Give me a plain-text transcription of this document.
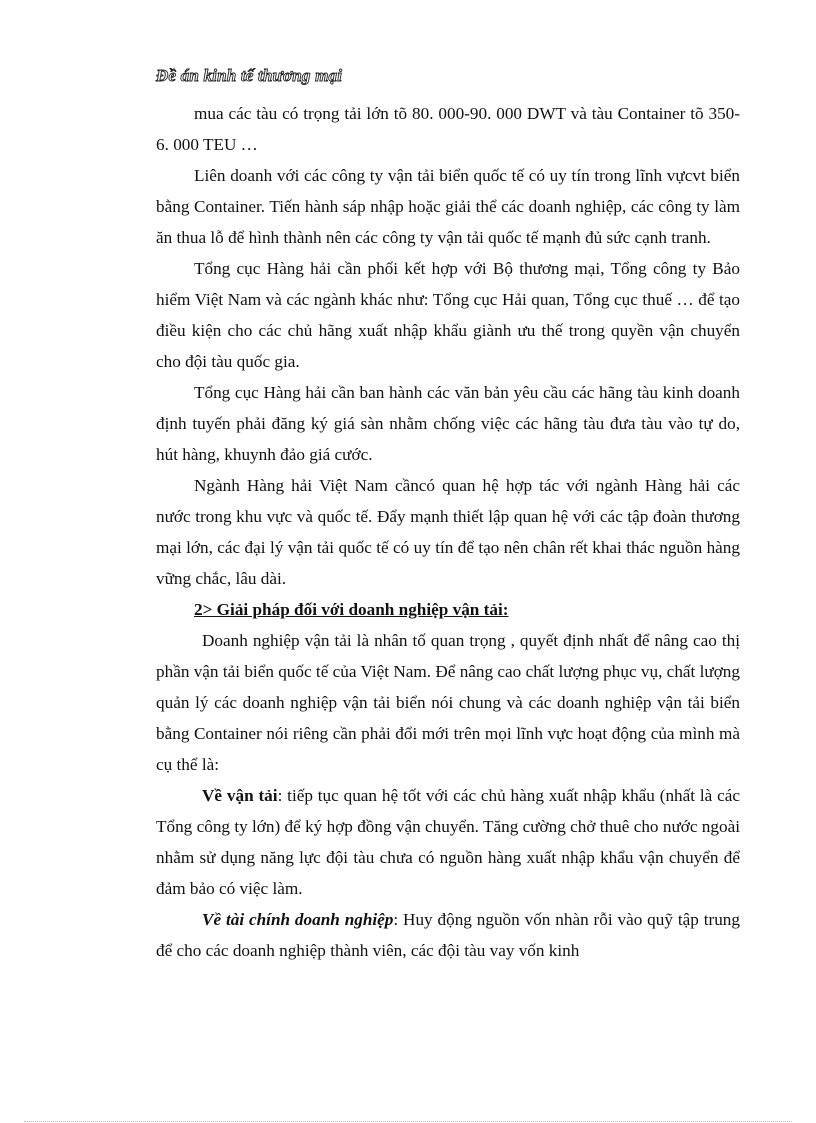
Đề án kinh tế thương mại

mua các tàu có trọng tải lớn tõ 80. 000-90. 000 DWT và tàu Container tõ 350-6. 000 TEU …

Liên doanh với các công ty vận tải biển quốc tế có uy tín trong lĩnh vựcvt biển bằng Container. Tiến hành sáp nhập hoặc giải thể các doanh nghiệp, các công ty làm ăn thua lỗ để hình thành nên các công ty vận tải quốc tế mạnh đủ sức cạnh tranh.

Tổng cục Hàng hải cần phối kết hợp với Bộ thương mại, Tổng công ty Bảo hiểm Việt Nam và các ngành khác như: Tổng cục Hải quan, Tổng cục thuế … để tạo điều kiện cho các chủ hãng xuất nhập khẩu giành ưu thế trong quyền vận chuyển cho đội tàu quốc gia.

Tổng cục Hàng hải cần ban hành các văn bản yêu cầu các hãng tàu kinh doanh định tuyến phải đăng ký giá sàn nhằm chống việc các hãng tàu đưa tàu vào tự do, hút hàng, khuynh đảo giá cước.

Ngành Hàng hải Việt Nam cầncó quan hệ hợp tác với ngành Hàng hải các nước trong khu vực và quốc tế. Đẩy mạnh thiết lập quan hệ với các tập đoàn thương mại lớn, các đại lý vận tải quốc tế có uy tín để tạo nên chân rết khai thác nguồn hàng vững chắc, lâu dài.

2> Giải pháp đối với doanh nghiệp vận tải:

Doanh nghiệp vận tải là nhân tố quan trọng , quyết định nhất để nâng cao thị phần vận tải biển quốc tế của Việt Nam. Để nâng cao chất lượng phục vụ, chất lượng quản lý các doanh nghiệp vận tải biển nói chung và các doanh nghiệp vận tải biển bằng Container nói riêng cần phải đổi mới trên mọi lĩnh vực hoạt động của mình mà cụ thể là:

Về vận tải: tiếp tục quan hệ tốt với các chủ hàng xuất nhập khẩu (nhất là các Tổng công ty lớn) để ký hợp đồng vận chuyển. Tăng cường chở thuê cho nước ngoài nhằm sử dụng năng lực đội tàu chưa có nguồn hàng xuất nhập khẩu vận chuyển để đảm bảo có việc làm.

Về tài chính doanh nghiệp: Huy động nguồn vốn nhàn rỗi vào quỹ tập trung để cho các doanh nghiệp thành viên, các đội tàu vay vốn kinh
